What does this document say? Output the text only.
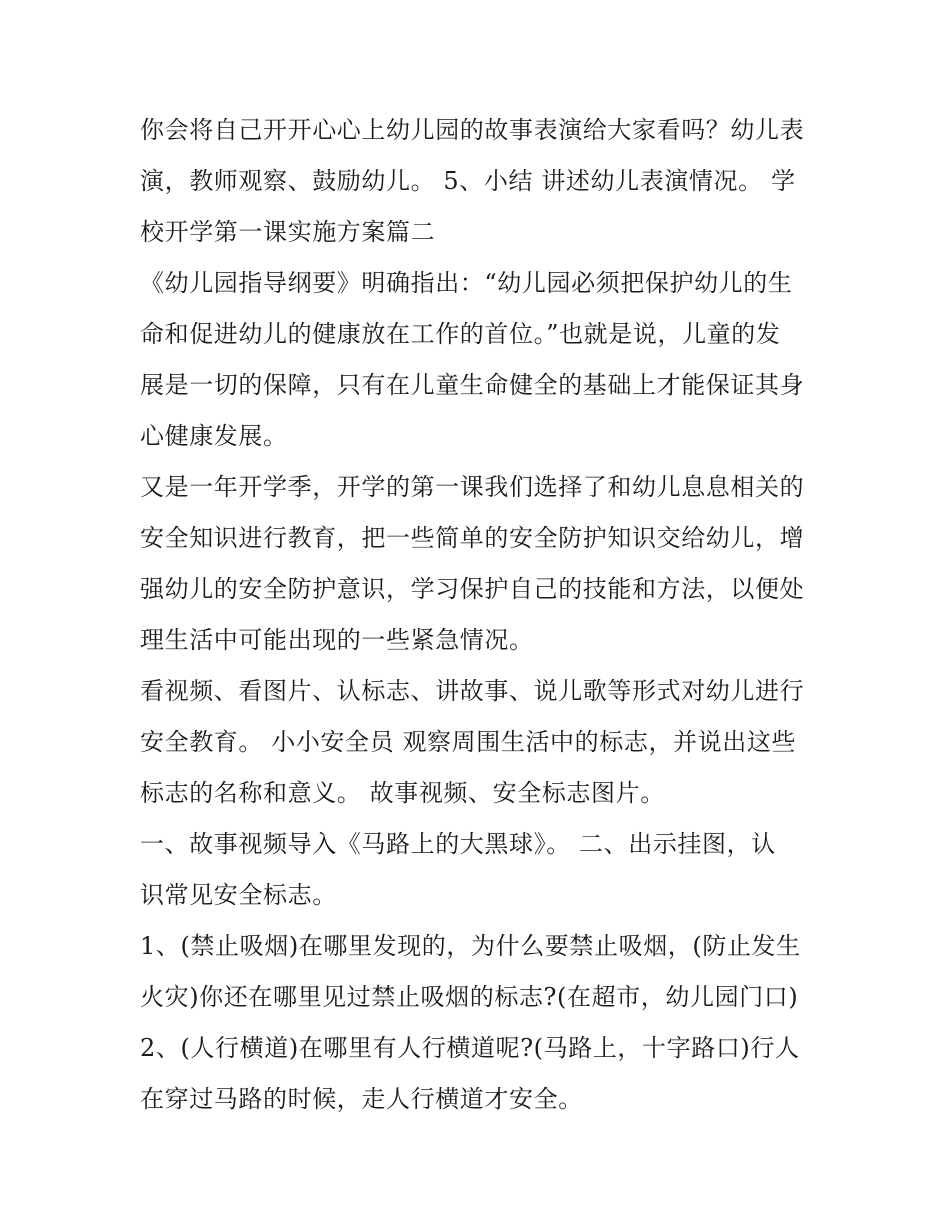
你会将自己开开心心上幼儿园的故事表演给大家看吗？幼儿表
演，教师观察、鼓励幼儿。 5、小结 讲述幼儿表演情况。 学
校开学第一课实施方案篇二

《幼儿园指导纲要》明确指出：“幼儿园必须把保护幼儿的生
命和促进幼儿的健康放在工作的首位。”也就是说，儿童的发
展是一切的保障，只有在儿童生命健全的基础上才能保证其身
心健康发展。

又是一年开学季，开学的第一课我们选择了和幼儿息息相关的
安全知识进行教育，把一些简单的安全防护知识交给幼儿，增
强幼儿的安全防护意识，学习保护自己的技能和方法，以便处
理生活中可能出现的一些紧急情况。

看视频、看图片、认标志、讲故事、说儿歌等形式对幼儿进行
安全教育。 小小安全员 观察周围生活中的标志，并说出这些
标志的名称和意义。 故事视频、安全标志图片。

一、故事视频导入《马路上的大黑球》。 二、出示挂图，认
识常见安全标志。

1、(禁止吸烟)在哪里发现的，为什么要禁止吸烟，(防止发生
火灾)你还在哪里见过禁止吸烟的标志?(在超市，幼儿园门口)

2、(人行横道)在哪里有人行横道呢?(马路上，十字路口)行人
在穿过马路的时候，走人行横道才安全。
